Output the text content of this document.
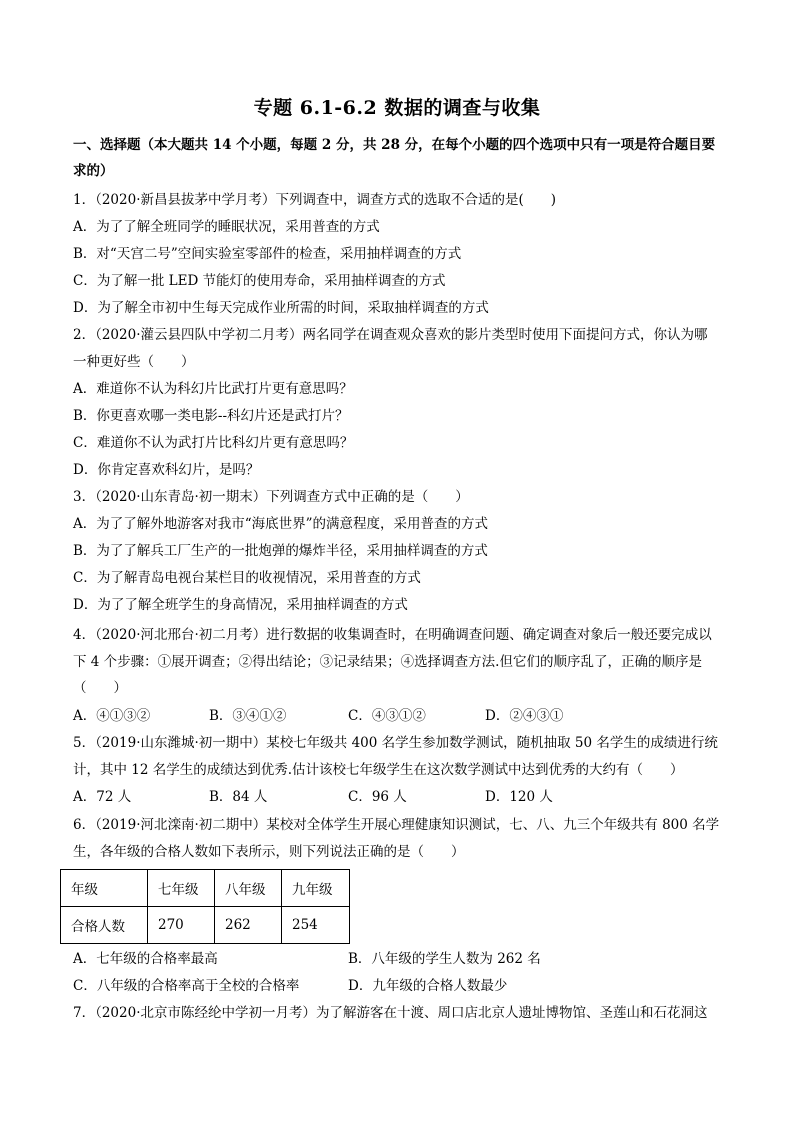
专题 6.1-6.2 数据的调查与收集
一、选择题（本大题共 14 个小题，每题 2 分，共 28 分，在每个小题的四个选项中只有一项是符合题目要
求的）
1．（2020·新昌县拔茅中学月考）下列调查中，调查方式的选取不合适的是(　　)
A．为了了解全班同学的睡眠状况，采用普查的方式
B．对“天宫二号”空间实验室零部件的检查，采用抽样调查的方式
C．为了解一批 LED 节能灯的使用寿命，采用抽样调查的方式
D．为了解全市初中生每天完成作业所需的时间，采取抽样调查的方式
2．（2020·灌云县四队中学初二月考）两名同学在调查观众喜欢的影片类型时使用下面提问方式，你认为哪
一种更好些（　　）
A．难道你不认为科幻片比武打片更有意思吗？
B．你更喜欢哪一类电影--科幻片还是武打片？
C．难道你不认为武打片比科幻片更有意思吗？
D．你肯定喜欢科幻片，是吗？
3．（2020·山东青岛·初一期末）下列调查方式中正确的是（　　）
A．为了了解外地游客对我市“海底世界”的满意程度，采用普查的方式
B．为了了解兵工厂生产的一批炮弹的爆炸半径，采用抽样调查的方式
C．为了解青岛电视台某栏目的收视情况，采用普查的方式
D．为了了解全班学生的身高情况，采用抽样调查的方式
4．（2020·河北邢台·初二月考）进行数据的收集调查时，在明确调查问题、确定调查对象后一般还要完成以
下 4 个步骤：①展开调查；②得出结论；③记录结果；④选择调查方法.但它们的顺序乱了，正确的顺序是
（　　）
A．④①③②	B．③④①②	C．④③①②	D．②④③①
5．（2019·山东潍城·初一期中）某校七年级共 400 名学生参加数学测试，随机抽取 50 名学生的成绩进行统
计，其中 12 名学生的成绩达到优秀.估计该校七年级学生在这次数学测试中达到优秀的大约有（　　）
A．72 人	B．84 人	C．96 人	D．120 人
6．（2019·河北滦南·初二期中）某校对全体学生开展心理健康知识测试，七、八、九三个年级共有 800 名学
生，各年级的合格人数如下表所示，则下列说法正确的是（　　）
年级	七年级	八年级	九年级
合格人数	270	262	254
A．七年级的合格率最高	B．八年级的学生人数为 262 名
C．八年级的合格率高于全校的合格率	D．九年级的合格人数最少
7．（2020·北京市陈经纶中学初一月考）为了解游客在十渡、周口店北京人遗址博物馆、圣莲山和石花洞这
